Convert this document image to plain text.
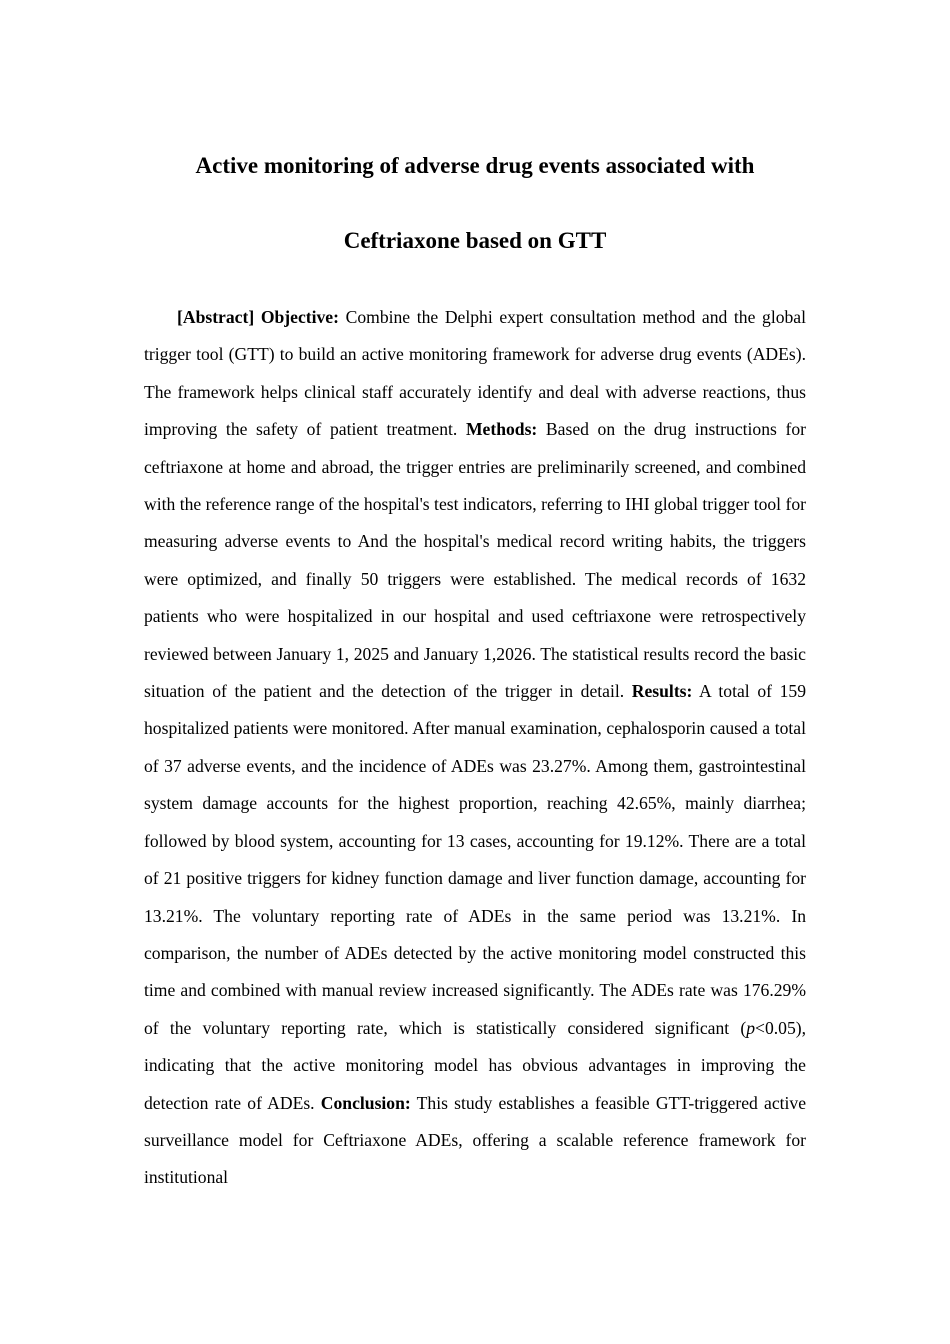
Active monitoring of adverse drug events associated with
Ceftriaxone based on GTT

[Abstract] Objective: Combine the Delphi expert consultation method and the global trigger tool (GTT) to build an active monitoring framework for adverse drug events (ADEs). The framework helps clinical staff accurately identify and deal with adverse reactions, thus improving the safety of patient treatment. Methods: Based on the drug instructions for ceftriaxone at home and abroad, the trigger entries are preliminarily screened, and combined with the reference range of the hospital's test indicators, referring to IHI global trigger tool for measuring adverse events to And the hospital's medical record writing habits, the triggers were optimized, and finally 50 triggers were established. The medical records of 1632 patients who were hospitalized in our hospital and used ceftriaxone were retrospectively reviewed between January 1, 2025 and January 1,2026. The statistical results record the basic situation of the patient and the detection of the trigger in detail. Results: A total of 159 hospitalized patients were monitored. After manual examination, cephalosporin caused a total of 37 adverse events, and the incidence of ADEs was 23.27%. Among them, gastrointestinal system damage accounts for the highest proportion, reaching 42.65%, mainly diarrhea; followed by blood system, accounting for 13 cases, accounting for 19.12%. There are a total of 21 positive triggers for kidney function damage and liver function damage, accounting for 13.21%. The voluntary reporting rate of ADEs in the same period was 13.21%. In comparison, the number of ADEs detected by the active monitoring model constructed this time and combined with manual review increased significantly. The ADEs rate was 176.29% of the voluntary reporting rate, which is statistically considered significant (p<0.05), indicating that the active monitoring model has obvious advantages in improving the detection rate of ADEs. Conclusion: This study establishes a feasible GTT-triggered active surveillance model for Ceftriaxone ADEs, offering a scalable reference framework for institutional
